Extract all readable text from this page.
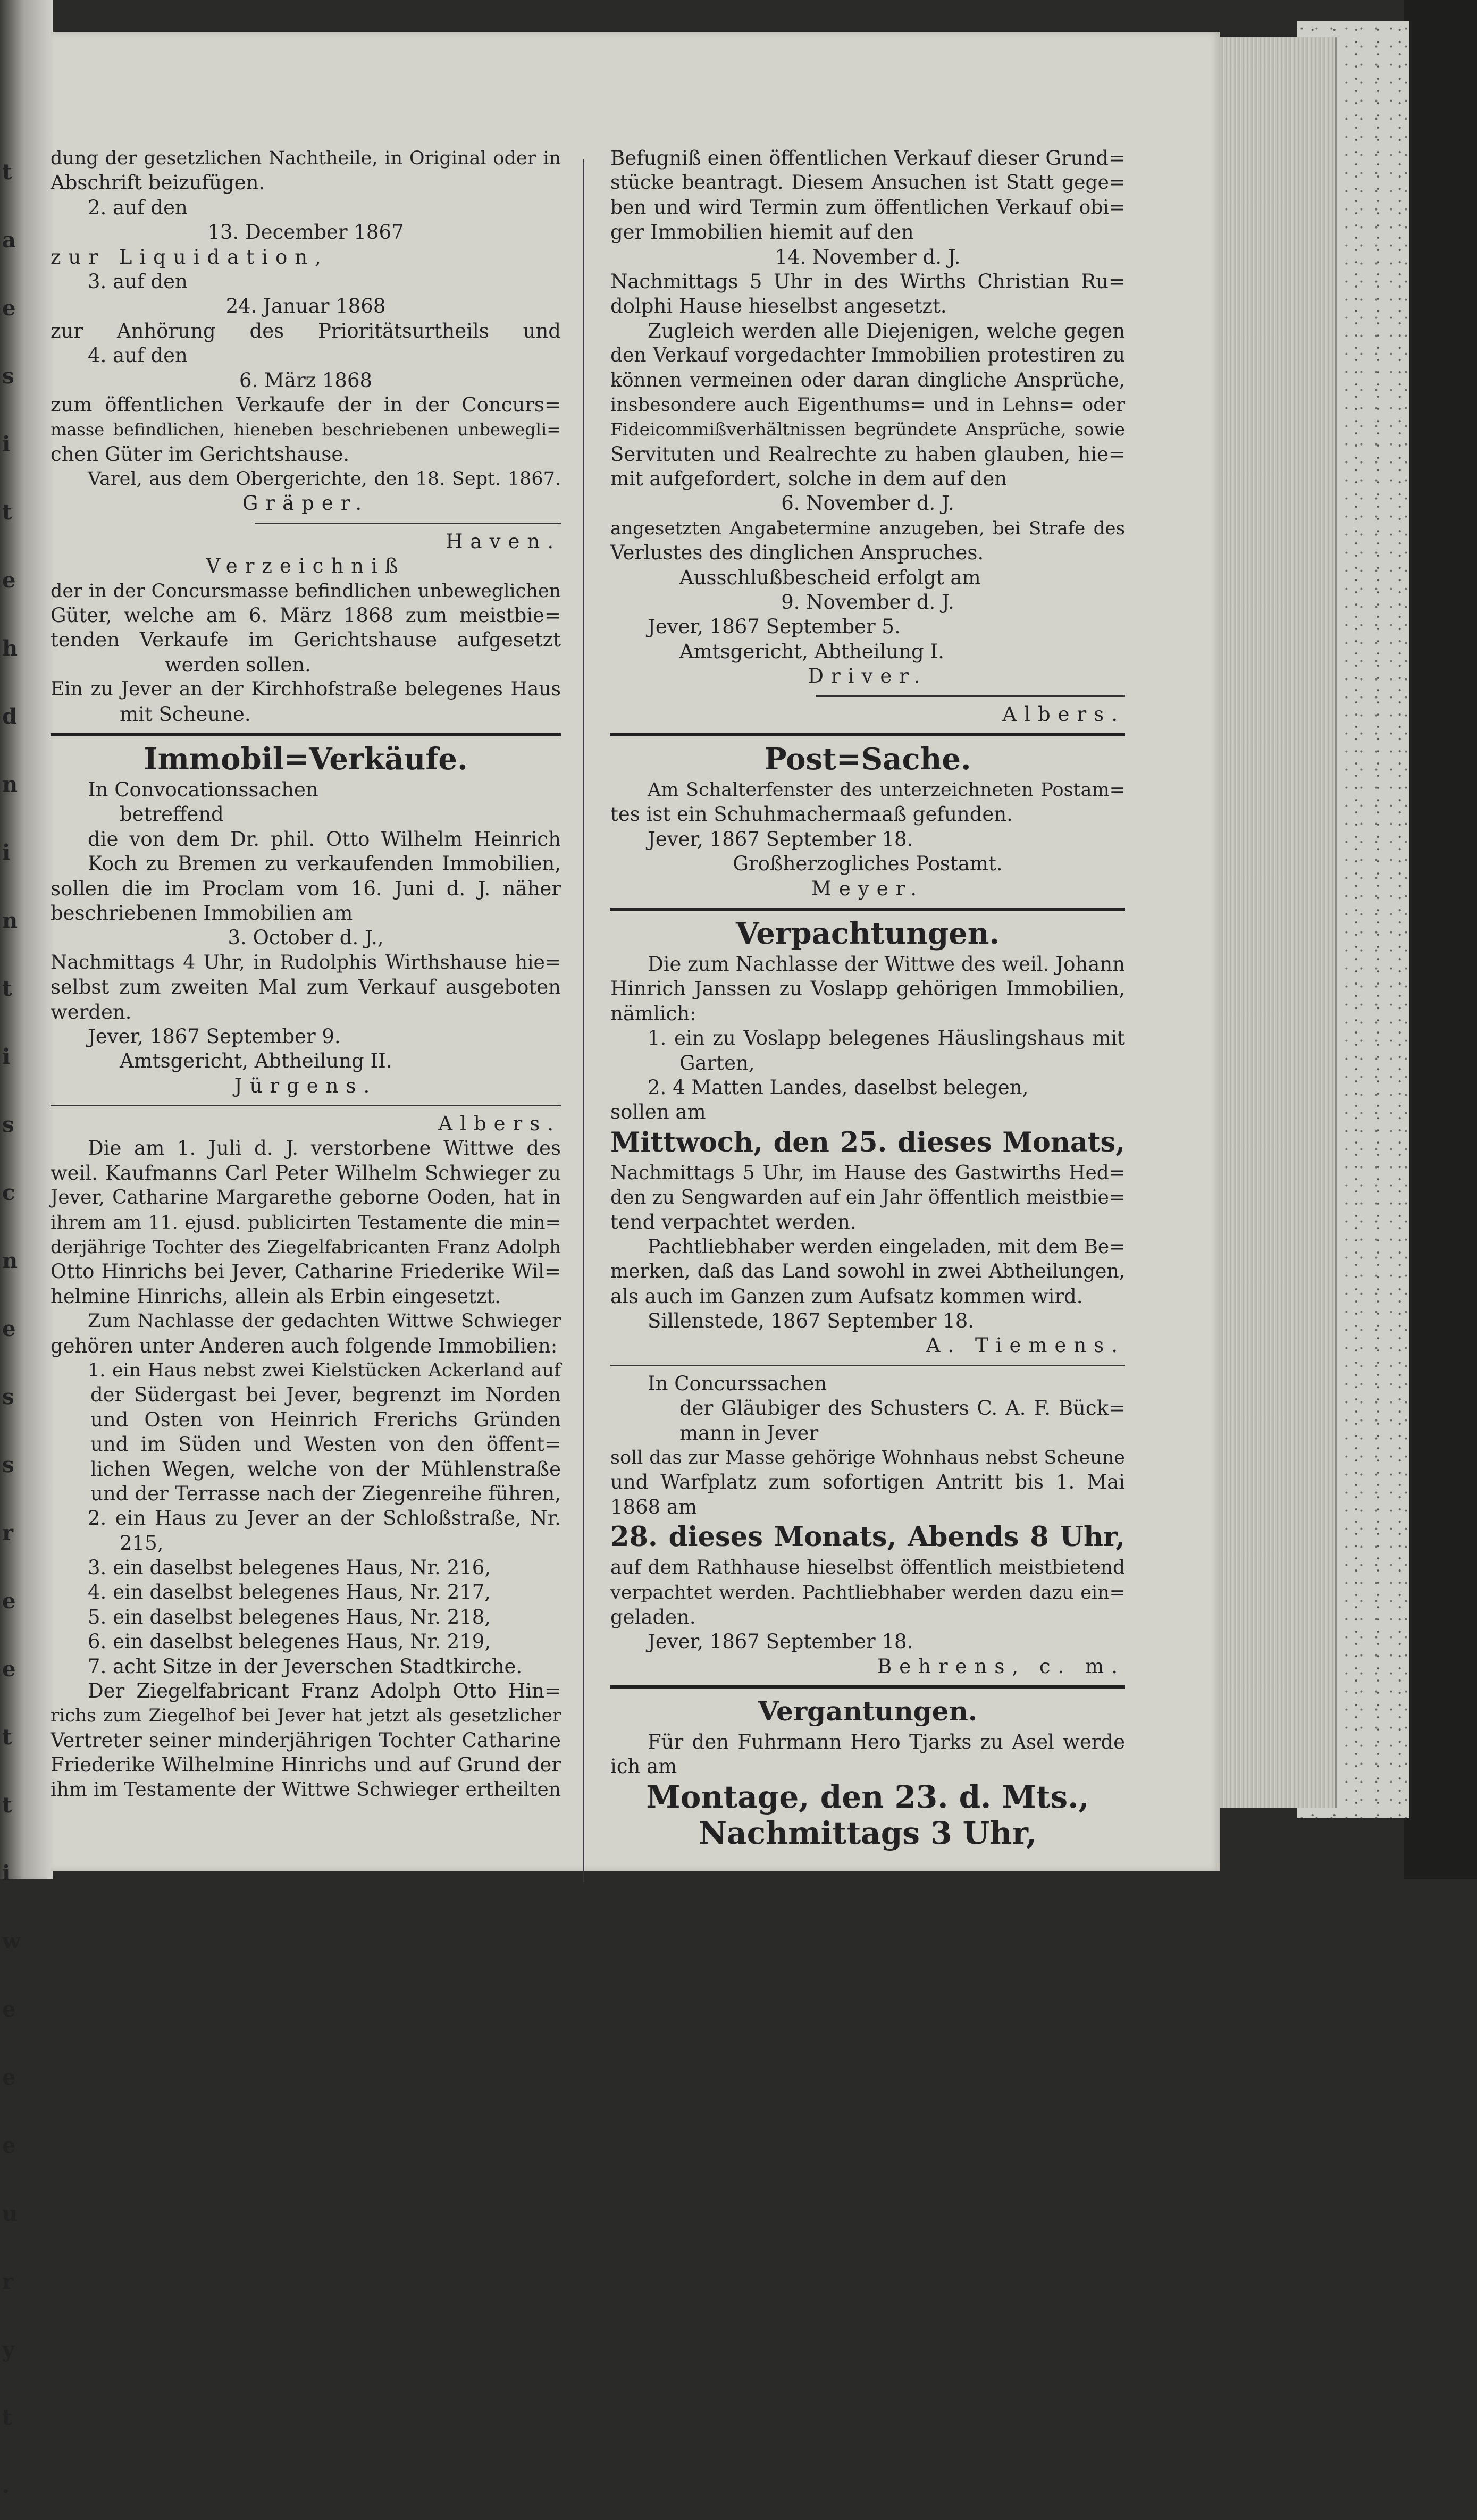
t
a
e
s
i
t
e
h
d
n
i
n
t
i
s
c
n
e
s
s
r
e
e
t
t
i
w
e
e
e
u
r
y
t
.
dung der gesetzlichen Nachtheile, in Original oder in
Abschrift beizufügen.
2. auf den
13. December 1867
zur Liquidation,
3. auf den
24. Januar 1868
zur Anhörung des Prioritätsurtheils und
4. auf den
6. März 1868
zum öffentlichen Verkaufe der in der Concurs=
masse befindlichen, hieneben beschriebenen unbewegli=
chen Güter im Gerichtshause.
Varel, aus dem Obergerichte, den 18. Sept. 1867.
Gräper.
Haven.
Verzeichniß
der in der Concursmasse befindlichen unbeweglichen
Güter, welche am 6. März 1868 zum meistbie=
tenden Verkaufe im Gerichtshause aufgesetzt
werden sollen.
Ein zu Jever an der Kirchhofstraße belegenes Haus
mit Scheune.
Immobil=Verkäufe.
In Convocationssachen
betreffend
die von dem Dr. phil. Otto Wilhelm Heinrich
Koch zu Bremen zu verkaufenden Immobilien,
sollen die im Proclam vom 16. Juni d. J. näher
beschriebenen Immobilien am
3. October d. J.,
Nachmittags 4 Uhr, in Rudolphis Wirthshause hie=
selbst zum zweiten Mal zum Verkauf ausgeboten
werden.
Jever, 1867 September 9.
Amtsgericht, Abtheilung II.
Jürgens.
Albers.
Die am 1. Juli d. J. verstorbene Wittwe des
weil. Kaufmanns Carl Peter Wilhelm Schwieger zu
Jever, Catharine Margarethe geborne Ooden, hat in
ihrem am 11. ejusd. publicirten Testamente die min=
derjährige Tochter des Ziegelfabricanten Franz Adolph
Otto Hinrichs bei Jever, Catharine Friederike Wil=
helmine Hinrichs, allein als Erbin eingesetzt.
Zum Nachlasse der gedachten Wittwe Schwieger
gehören unter Anderen auch folgende Immobilien:
1. ein Haus nebst zwei Kielstücken Ackerland auf
der Südergast bei Jever, begrenzt im Norden
und Osten von Heinrich Frerichs Gründen
und im Süden und Westen von den öffent=
lichen Wegen, welche von der Mühlenstraße
und der Terrasse nach der Ziegenreihe führen,
2. ein Haus zu Jever an der Schloßstraße, Nr.
215,
3. ein daselbst belegenes Haus, Nr. 216,
4. ein daselbst belegenes Haus, Nr. 217,
5. ein daselbst belegenes Haus, Nr. 218,
6. ein daselbst belegenes Haus, Nr. 219,
7. acht Sitze in der Jeverschen Stadtkirche.
Der Ziegelfabricant Franz Adolph Otto Hin=
richs zum Ziegelhof bei Jever hat jetzt als gesetzlicher
Vertreter seiner minderjährigen Tochter Catharine
Friederike Wilhelmine Hinrichs und auf Grund der
ihm im Testamente der Wittwe Schwieger ertheilten
Befugniß einen öffentlichen Verkauf dieser Grund=
stücke beantragt. Diesem Ansuchen ist Statt gege=
ben und wird Termin zum öffentlichen Verkauf obi=
ger Immobilien hiemit auf den
14. November d. J.
Nachmittags 5 Uhr in des Wirths Christian Ru=
dolphi Hause hieselbst angesetzt.
Zugleich werden alle Diejenigen, welche gegen
den Verkauf vorgedachter Immobilien protestiren zu
können vermeinen oder daran dingliche Ansprüche,
insbesondere auch Eigenthums= und in Lehns= oder
Fideicommißverhältnissen begründete Ansprüche, sowie
Servituten und Realrechte zu haben glauben, hie=
mit aufgefordert, solche in dem auf den
6. November d. J.
angesetzten Angabetermine anzugeben, bei Strafe des
Verlustes des dinglichen Anspruches.
Ausschlußbescheid erfolgt am
9. November d. J.
Jever, 1867 September 5.
Amtsgericht, Abtheilung I.
Driver.
Albers.
Post=Sache.
Am Schalterfenster des unterzeichneten Postam=
tes ist ein Schuhmachermaaß gefunden.
Jever, 1867 September 18.
Großherzogliches Postamt.
Meyer.
Verpachtungen.
Die zum Nachlasse der Wittwe des weil. Johann
Hinrich Janssen zu Voslapp gehörigen Immobilien,
nämlich:
1. ein zu Voslapp belegenes Häuslingshaus mit
Garten,
2. 4 Matten Landes, daselbst belegen,
sollen am
Mittwoch, den 25. dieses Monats,
Nachmittags 5 Uhr, im Hause des Gastwirths Hed=
den zu Sengwarden auf ein Jahr öffentlich meistbie=
tend verpachtet werden.
Pachtliebhaber werden eingeladen, mit dem Be=
merken, daß das Land sowohl in zwei Abtheilungen,
als auch im Ganzen zum Aufsatz kommen wird.
Sillenstede, 1867 September 18.
A. Tiemens.
In Concurssachen
der Gläubiger des Schusters C. A. F. Bück=
mann in Jever
soll das zur Masse gehörige Wohnhaus nebst Scheune
und Warfplatz zum sofortigen Antritt bis 1. Mai
1868 am
28. dieses Monats, Abends 8 Uhr,
auf dem Rathhause hieselbst öffentlich meistbietend
verpachtet werden. Pachtliebhaber werden dazu ein=
geladen.
Jever, 1867 September 18.
Behrens, c. m.
Vergantungen.
Für den Fuhrmann Hero Tjarks zu Asel werde
ich am
Montage, den 23. d. Mts.,
Nachmittags 3 Uhr,
